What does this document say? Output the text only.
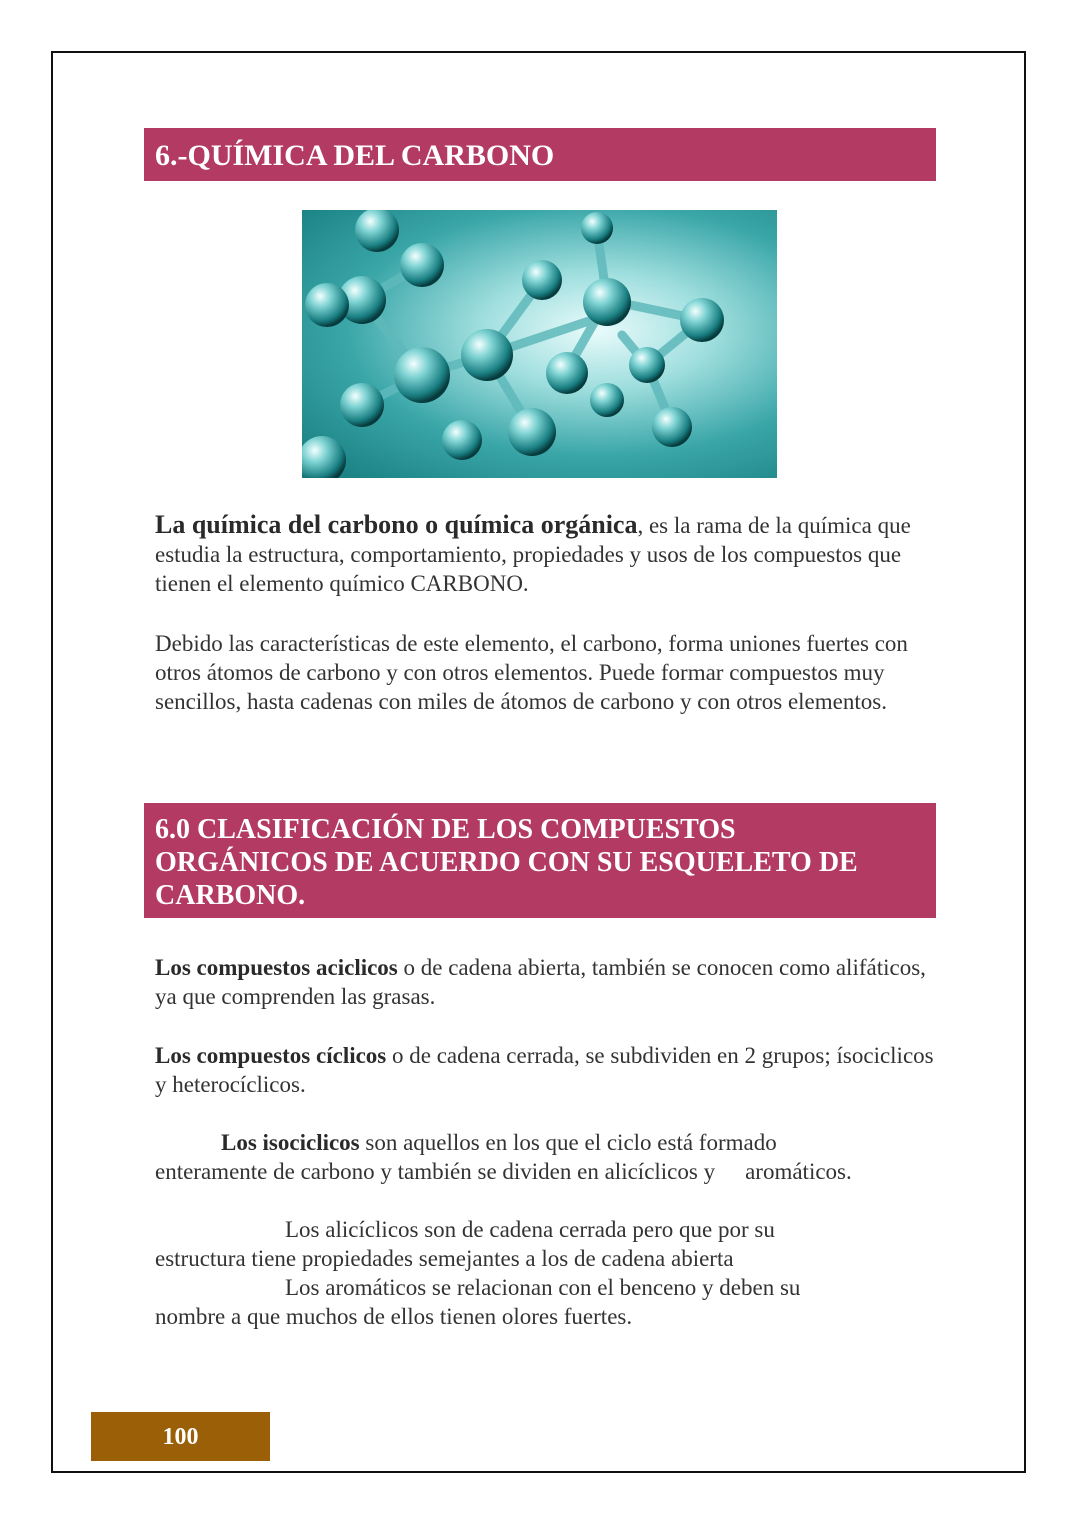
6.-QUÍMICA DEL CARBONO
La química del carbono o química orgánica, es la rama de la química que estudia la estructura, comportamiento, propiedades y usos de los compuestos que tienen el elemento químico CARBONO.
Debido las características de este elemento, el carbono, forma uniones fuertes con otros átomos de carbono y con otros elementos. Puede formar compuestos muy sencillos, hasta cadenas con miles de átomos de carbono y con otros elementos.
6.0 CLASIFICACIÓN DE LOS COMPUESTOS
ORGÁNICOS DE ACUERDO CON SU ESQUELETO DE
CARBONO.
Los compuestos aciclicos o de cadena abierta, también se conocen como alifáticos, ya que comprenden las grasas.
Los compuestos cíclicos o de cadena cerrada, se subdividen en 2 grupos; ísociclicos y heterocíclicos.
Los isociclicos son aquellos en los que el ciclo está formado
enteramente de carbono y también se dividen en alicíclicos y aromáticos.
Los alicíclicos son de cadena cerrada pero que por su
estructura tiene propiedades semejantes a los de cadena abierta
Los aromáticos se relacionan con el benceno y deben su
nombre a que muchos de ellos tienen olores fuertes.
100
